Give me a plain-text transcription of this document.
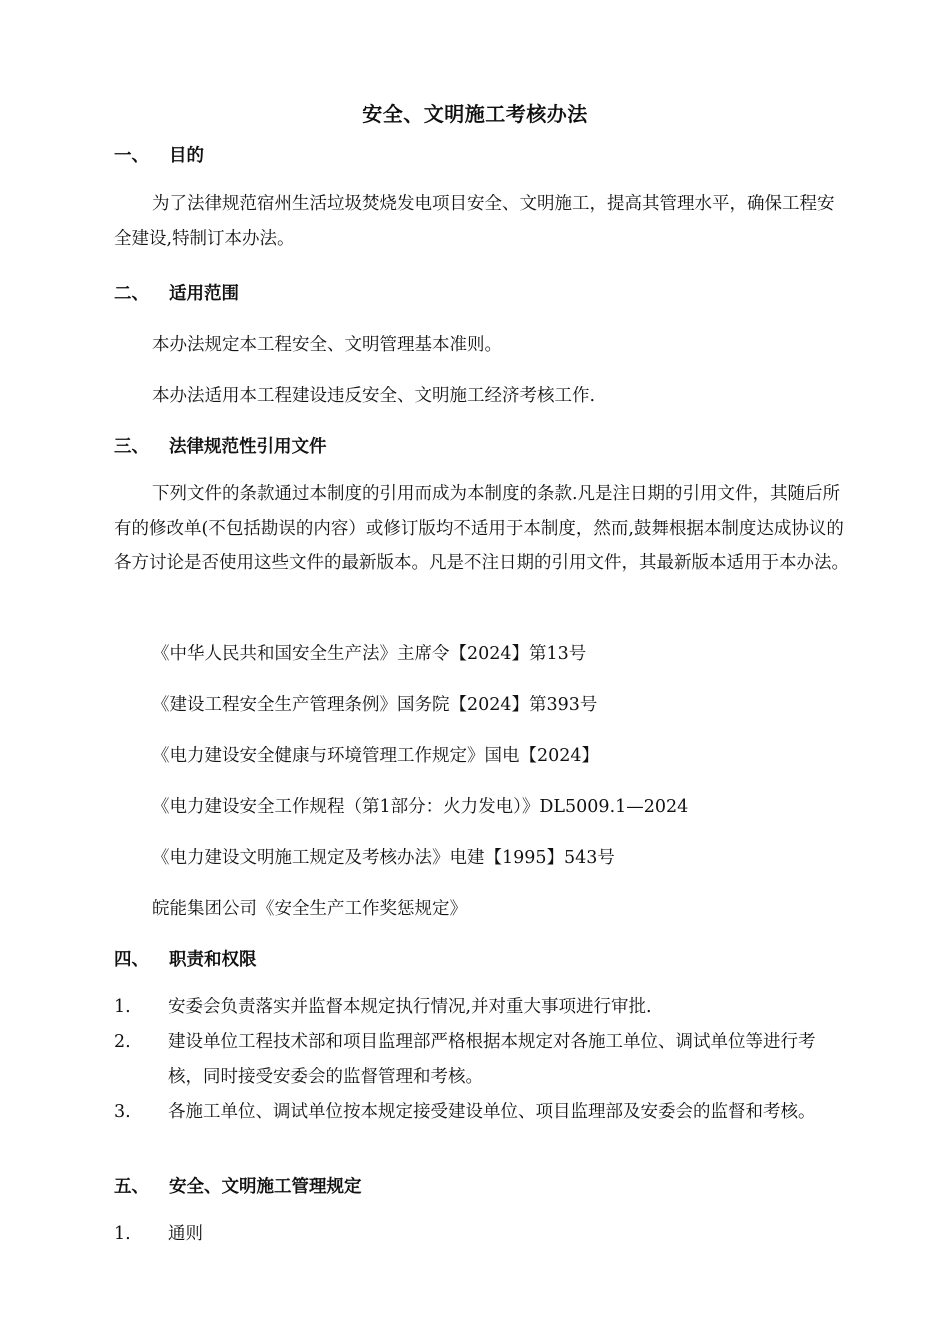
安全、文明施工考核办法
一、 目的
为了法律规范宿州生活垃圾焚烧发电项目安全、文明施工，提高其管理水平，确保工程安全建设,特制订本办法。
二、 适用范围
本办法规定本工程安全、文明管理基本准则。
本办法适用本工程建设违反安全、文明施工经济考核工作.
三、 法律规范性引用文件
下列文件的条款通过本制度的引用而成为本制度的条款.凡是注日期的引用文件，其随后所有的修改单(不包括勘误的内容）或修订版均不适用于本制度，然而,鼓舞根据本制度达成协议的各方讨论是否使用这些文件的最新版本。凡是不注日期的引用文件，其最新版本适用于本办法。
《中华人民共和国安全生产法》主席令【2024】第13号
《建设工程安全生产管理条例》国务院【2024】第393号
《电力建设安全健康与环境管理工作规定》国电【2024】
《电力建设安全工作规程（第1部分：火力发电）》DL5009.1—2024
《电力建设文明施工规定及考核办法》电建【1995】543号
皖能集团公司《安全生产工作奖惩规定》
四、 职责和权限
1. 安委会负责落实并监督本规定执行情况,并对重大事项进行审批.
2. 建设单位工程技术部和项目监理部严格根据本规定对各施工单位、调试单位等进行考核，同时接受安委会的监督管理和考核。
3. 各施工单位、调试单位按本规定接受建设单位、项目监理部及安委会的监督和考核。
五、 安全、文明施工管理规定
1. 通则
